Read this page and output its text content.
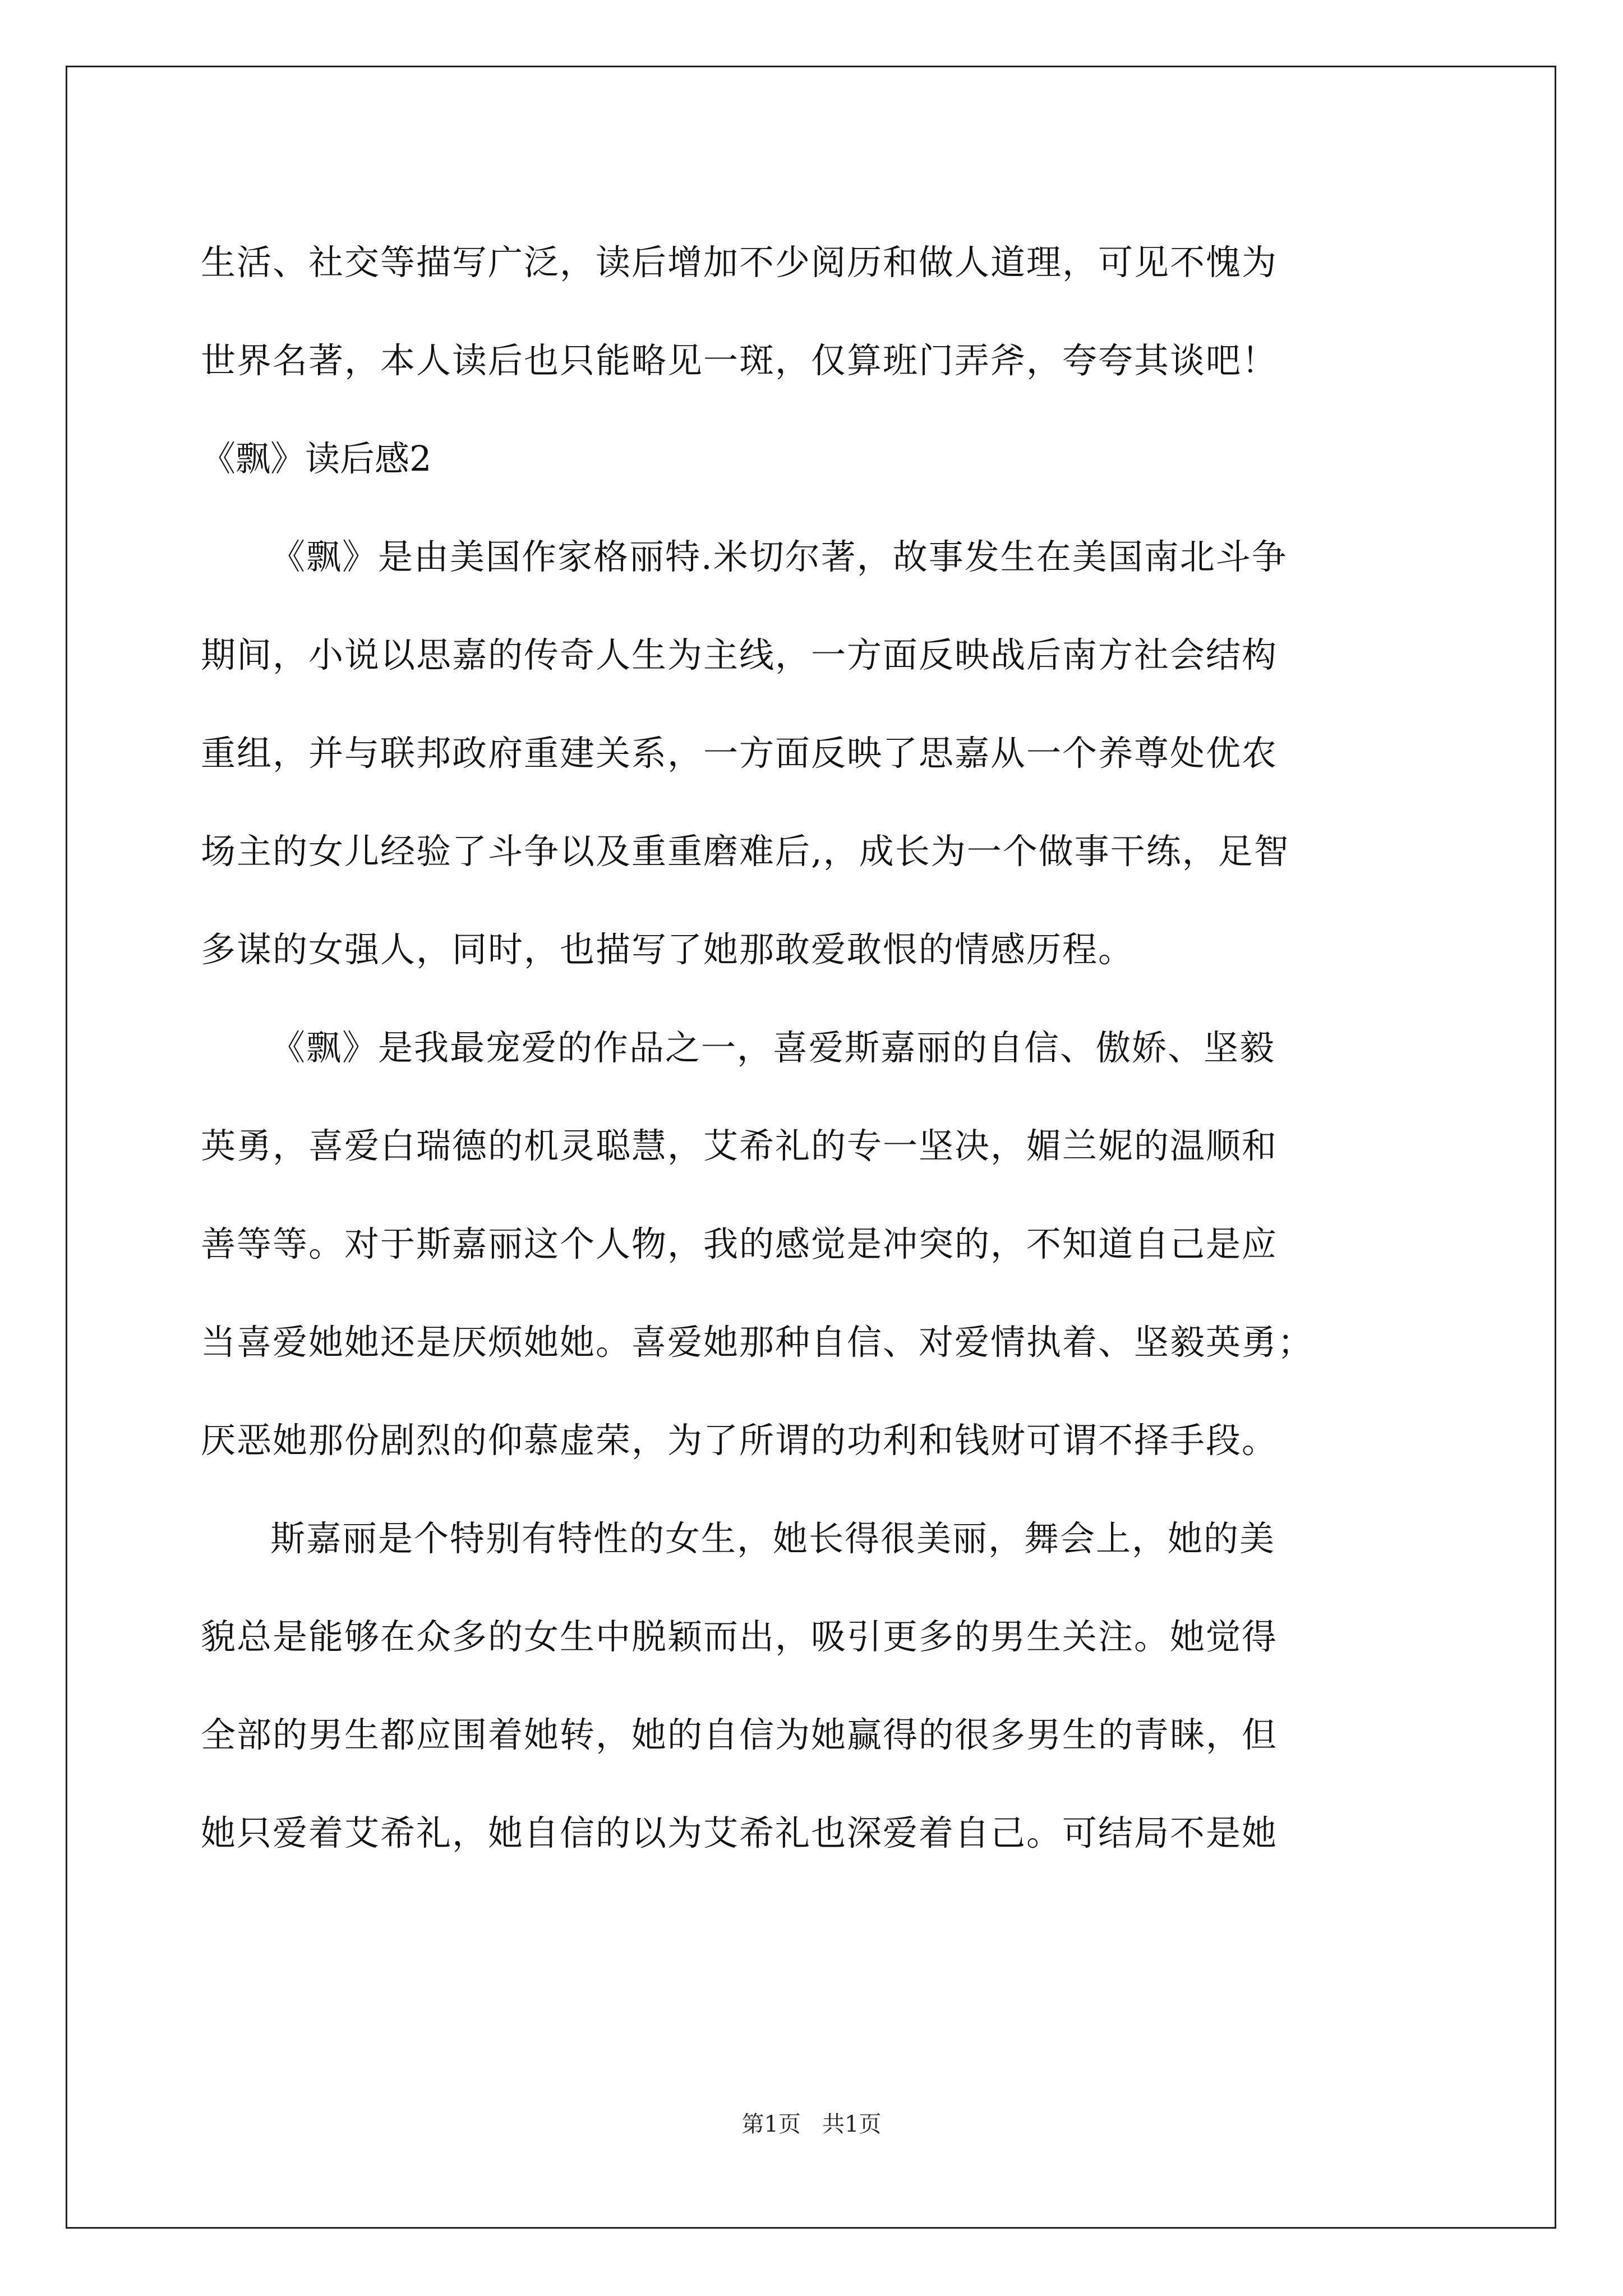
生活、社交等描写广泛，读后增加不少阅历和做人道理，可见不愧为
世界名著，本人读后也只能略见一斑，仅算班门弄斧，夸夸其谈吧！
《飘》读后感2
《飘》是由美国作家格丽特.米切尔著，故事发生在美国南北斗争
期间，小说以思嘉的传奇人生为主线，一方面反映战后南方社会结构
重组，并与联邦政府重建关系，一方面反映了思嘉从一个养尊处优农
场主的女儿经验了斗争以及重重磨难后,，成长为一个做事干练，足智
多谋的女强人，同时，也描写了她那敢爱敢恨的情感历程。
《飘》是我最宠爱的作品之一，喜爱斯嘉丽的自信、傲娇、坚毅
英勇，喜爱白瑞德的机灵聪慧，艾希礼的专一坚决，媚兰妮的温顺和
善等等。对于斯嘉丽这个人物，我的感觉是冲突的，不知道自己是应
当喜爱她她还是厌烦她她。喜爱她那种自信、对爱情执着、坚毅英勇；
厌恶她那份剧烈的仰慕虚荣，为了所谓的功利和钱财可谓不择手段。
斯嘉丽是个特别有特性的女生，她长得很美丽，舞会上，她的美
貌总是能够在众多的女生中脱颖而出，吸引更多的男生关注。她觉得
全部的男生都应围着她转，她的自信为她赢得的很多男生的青睐，但
她只爱着艾希礼，她自信的以为艾希礼也深爱着自己。可结局不是她
第1页   共1页
